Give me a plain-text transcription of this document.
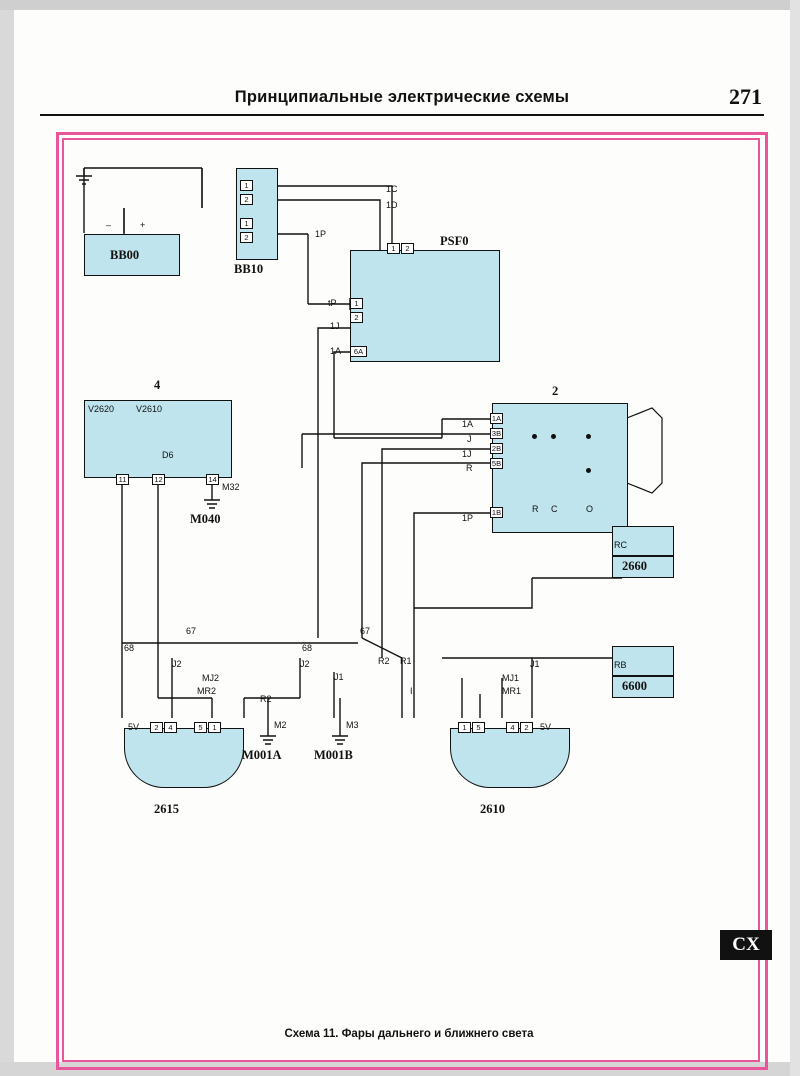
Принципиальные электрические схемы	271
BB00
–	+
1
2
1
2
BB10
1	2
1
2
6A
PSF0
2
1A
3B
2B
5B
1B	R C	O
4
V2620 V2610
D6
11	12	14
M32
M040
RC
2660
RB
6600
2	4	5	1
5V
2615
1	5	4	2	5V
2610
M2
M001A
M3
M001B
1C
1D
1P
tP
1J
1A
1A
J
1J
R
1P
67
68	68
67
J2	J2
J1
R2 R1	J1
MJ2
MR2
R2
I
MJ1
MR1
Схема 11. Фары дальнего и ближнего света
CX
